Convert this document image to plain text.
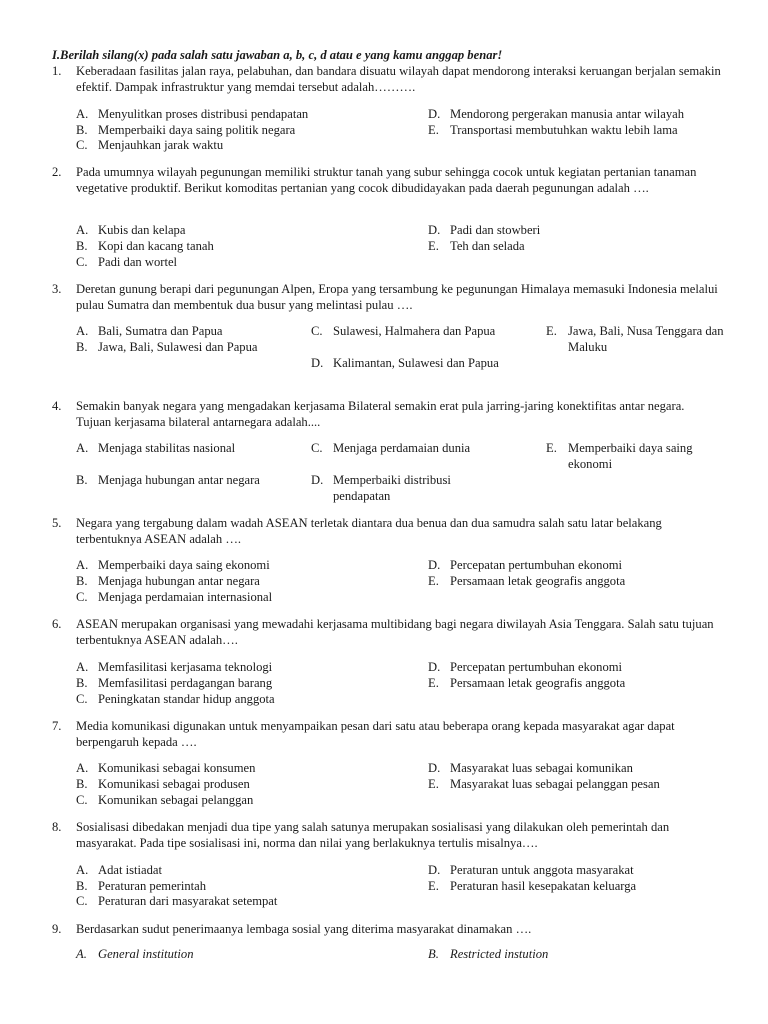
I.Berilah silang(x) pada salah satu jawaban a, b, c, d atau e yang kamu anggap benar!
1. Keberadaan fasilitas jalan raya, pelabuhan, dan bandara disuatu wilayah dapat mendorong interaksi keruangan berjalan semakin efektif. Dampak infrastruktur yang memdai tersebut adalah……….
A. Menyulitkan proses distribusi pendapatan
B. Memperbaiki daya saing politik negara
C. Menjauhkan jarak waktu
D. Mendorong pergerakan manusia antar wilayah
E. Transportasi membutuhkan waktu lebih lama
2. Pada umumnya wilayah pegunungan memiliki struktur tanah yang subur sehingga cocok untuk kegiatan pertanian tanaman vegetative produktif. Berikut komoditas pertanian yang cocok dibudidayakan pada daerah pegunungan adalah ….
A. Kubis dan kelapa
B. Kopi dan kacang tanah
C. Padi dan wortel
D. Padi dan stowberi
E. Teh dan selada
3. Deretan gunung berapi dari pegunungan Alpen, Eropa yang tersambung ke pegunungan Himalaya memasuki Indonesia melalui pulau Sumatra dan membentuk dua busur yang melintasi pulau ….
A. Bali, Sumatra dan Papua
B. Jawa, Bali, Sulawesi dan Papua
C. Sulawesi, Halmahera dan Papua
D. Kalimantan, Sulawesi dan Papua
E. Jawa, Bali, Nusa Tenggara dan Maluku
4. Semakin banyak negara yang mengadakan kerjasama Bilateral semakin erat pula jarring-jaring konektifitas antar negara. Tujuan kerjasama bilateral antarnegara adalah....
A. Menjaga stabilitas nasional
B. Menjaga hubungan antar negara
C. Menjaga perdamaian dunia
D. Memperbaiki distribusi pendapatan
E. Memperbaiki daya saing ekonomi
5. Negara yang tergabung dalam wadah ASEAN terletak diantara dua benua dan dua samudra salah satu latar belakang terbentuknya ASEAN adalah ….
A. Memperbaiki daya saing ekonomi
B. Menjaga hubungan antar negara
C. Menjaga perdamaian internasional
D. Percepatan pertumbuhan ekonomi
E. Persamaan letak geografis anggota
6. ASEAN merupakan organisasi yang mewadahi kerjasama multibidang bagi negara diwilayah Asia Tenggara. Salah satu tujuan terbentuknya ASEAN adalah….
A. Memfasilitasi kerjasama teknologi
B. Memfasilitasi perdagangan barang
C. Peningkatan standar hidup anggota
D. Percepatan pertumbuhan ekonomi
E. Persamaan letak geografis anggota
7. Media komunikasi digunakan untuk menyampaikan pesan dari satu atau beberapa orang kepada masyarakat agar dapat berpengaruh kepada ….
A. Komunikasi sebagai konsumen
B. Komunikasi sebagai produsen
C. Komunikan sebagai pelanggan
D. Masyarakat luas sebagai komunikan
E. Masyarakat luas sebagai pelanggan pesan
8. Sosialisasi dibedakan menjadi dua tipe yang salah satunya merupakan sosialisasi yang dilakukan oleh pemerintah dan masyarakat. Pada tipe sosialisasi ini, norma dan nilai yang berlakuknya tertulis misalnya….
A. Adat istiadat
B. Peraturan pemerintah
C. Peraturan dari masyarakat setempat
D. Peraturan untuk anggota masyarakat
E. Peraturan hasil kesepakatan keluarga
9. Berdasarkan sudut penerimaanya lembaga sosial yang diterima masyarakat dinamakan ….
A. General institution	B. Restricted instution
